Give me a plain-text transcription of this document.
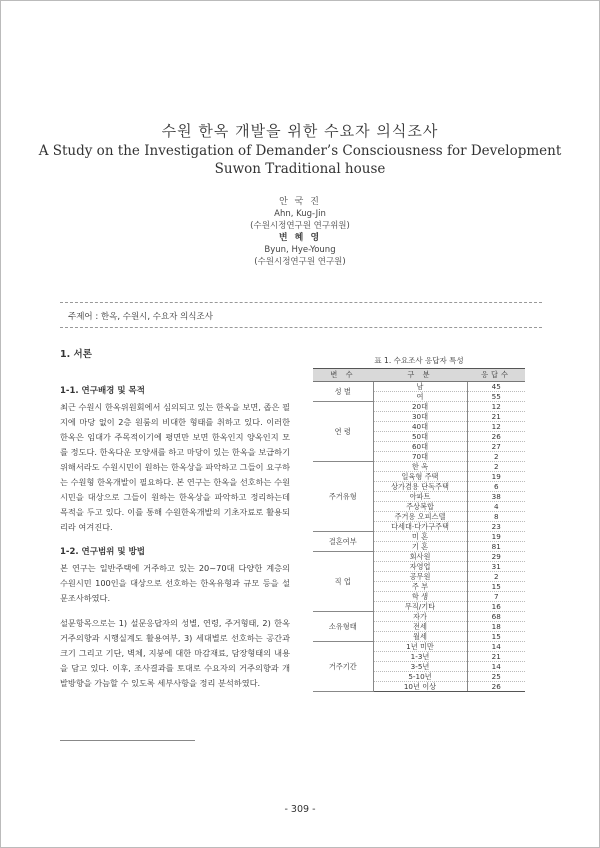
수원 한옥 개발을 위한 수요자 의식조사
A Study on the Investigation of Demander’s Consciousness for Development
Suwon Traditional house
안 국 진
Ahn, Kug-Jin
(수원시정연구원 연구위원)
변 혜 영
Byun, Hye-Young
(수원시정연구원 연구원)
주제어 : 한옥, 수원시, 수요자 의식조사
1. 서론
1-1. 연구배경 및 목적
최근 수원시 한옥위원회에서 심의되고 있는 한옥을 보면, 좁은 필지에 마당 없이 2층 원룸의 비대한 형태를 취하고 있다. 이러한 한옥은 임대가 주목적이기에 평면만 보면 한옥인지 양옥인지 모를 정도다. 한옥다운 모양새를 하고 마당이 있는 한옥을 보급하기 위해서라도 수원시민이 원하는 한옥상을 파악하고 그들이 요구하는 수원형 한옥개발이 필요하다. 본 연구는 한옥을 선호하는 수원시민을 대상으로 그들이 원하는 한옥상을 파악하고 정리하는데 목적을 두고 있다. 이를 통해 수원한옥개발의 기초자료로 활용되리라 여겨진다.
1-2. 연구범위 및 방법
본 연구는 일반주택에 거주하고 있는 20~70대 다양한 계층의 수원시민 100인을 대상으로 선호하는 한옥유형과 규모 등을 설문조사하였다.
설문항목으로는 1) 설문응답자의 성별, 연령, 주거형태, 2) 한옥 거주의향과 시행실계도 활용여부, 3) 세대별로 선호하는 공간과 크기 그리고 기단, 벽체, 지붕에 대한 마감재료, 담장형태의 내용을 담고 있다. 이후, 조사결과를 토대로 수요자의 거주의향과 개발방향을 가늠할 수 있도록 세부사항을 정리 분석하였다.
표 1. 수요조사 응답자 특성
변 수	구 분	응답수
성 별	남	45
	여	55
연 령	20대	12
	30대	21
	40대	12
	50대	26
	60대	27
	70대	2
주거유형	한 옥	2
	일육형 주택	19
	상가겸용 단독주택	6
	아파트	38
	주상복합	4
	주거용 오피스텔	8
	다세대·다가구주택	23
결혼여부	미 혼	19
	기 혼	81
직 업	회사원	29
	자영업	31
	공무원	2
	주 부	15
	학 생	7
	무직/기타	16
소유형태	자가	68
	전세	18
	월세	15
거주기간	1년 미만	14
	1-3년	21
	3-5년	14
	5-10년	25
	10년 이상	26
- 309 -
